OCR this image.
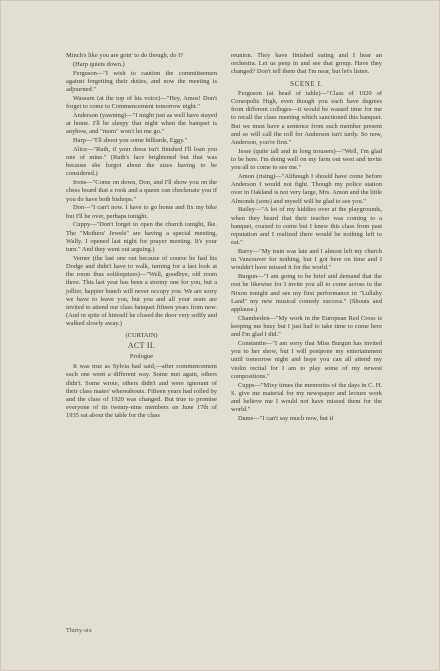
Minch's like you are goin' to do though, do I?

(Harp quiets down.)

Ferguson—"I wish to caution the committeemen against forgetting their duties, and now the meeting is adjourned."

Wassum (at the top of his voice)—"Hey, Amos! Don't forget to come to Commencement tomorrow night."

Anderson (yawning)—"I might just as well have stayed at home. I'll be sleepy that night when the banquet is anyhow, and "mom" won't let me go."

Harp—"I'll shoot you some billiards, Eggy."

Alice—"Ruth, if your dress isn't finished I'll loan you one of mine." (Ruth's face brightened but that was because she forgot about the sizes having to be considered.)

Irons—"Come on down, Don, and I'll show you on the chess board that a rook and a queen can checkmate you if you do have both bishops."

Don—"I can't now. I have to go home and fix my bike but I'll be over, perhaps tonight.

Cuppy—"Don't forget to open the church tonight, Ike. The "Mothers' Jewels" are having a special meeting, Wally. I opened last night for prayer meeting. It's your turn." And they went out arguing.)

Verner (the last one out because of course he had his Dodge and didn't have to walk, turning for a last look at the room thus soliloquizes)—"Well, goodbye, old room three. This last year has been a stormy one for you, but a jollier, happier bunch will never occupy you. We are sorry we have to leave you, but you and all your seats are invited to attend our class banquet fifteen years from now. (And in spite of himself he closed the door very softly and walked slowly away.)

(CURTAIN)

ACT II.

Prologue

It was true as Sylvia had said,—after commencement each one went a different way. Some met again, others didn't. Some wrote, others didn't and were ignorant of their class mates' whereabouts. Fifteen years had rolled by and the class of 1920 was changed. But true to promise everyone of its twenty-nine members on June 17th of 1935 sat about the table for the class

reunion. They have finished eating and I hear an orchestra. Let us peep in and see that group. Have they changed? Don't tell them that I'm near, but let's listen.

SCENE I.

Ferguson (at head of table)—"Class of 1920 of Coraopolis High, even though you each have degrees from different colleges—it would be wasted time for me to recall the class meeting which sanctioned this banquet. But we must have a sentence from each member present and so will call the roll for Anderson isn't tardy. So now, Anderson, you're first."

Jesse (quite tall and in long trousers)—"Well, I'm glad to be here. I'm doing well on my farm out west and invite you all to come to see me."

Amon (rising)—"Although I should have come before Anderson I would not fight. Though my police station over in Oakland is not very large, Mrs. Amon and the little Almonds (sons) and myself will be glad to see you."

Bailey—"A lot of my kiddies over at the playgrounds, when they heard that their teacher was coming to a banquet, coaxed to come but I knew this class from past reputation and I realized there would be nothing left to eat."

Barry—"My train was late and I almost left my church in Vancouver for nothing, but I got here on time and I wouldn't have missed it for the world."

Burgun—"I am going to be brief and demand that the rest be likewise for I invite you all to come across to the Nixon tonight and see my first performance in "Lullaby Land" my new musical comedy success." (Shouts and applause.)

Chamberlen—"My work in the European Red Cross is keeping me busy but I just had to take time to come here and I'm glad I did."

Constantin—"I am sorry that Miss Burgun has invited you to her show, but I will postpone my entertainment until tomorrow night and hope you can all attend my violin recital for I am to play some of my newest compositions."

Cupps—"Mixy times the memories of the days in C. H. S. give me material for my newspaper and lecture work and believe me I would not have missed them for the world."

Dame—"I can't say much now, but if

Thirty-six
